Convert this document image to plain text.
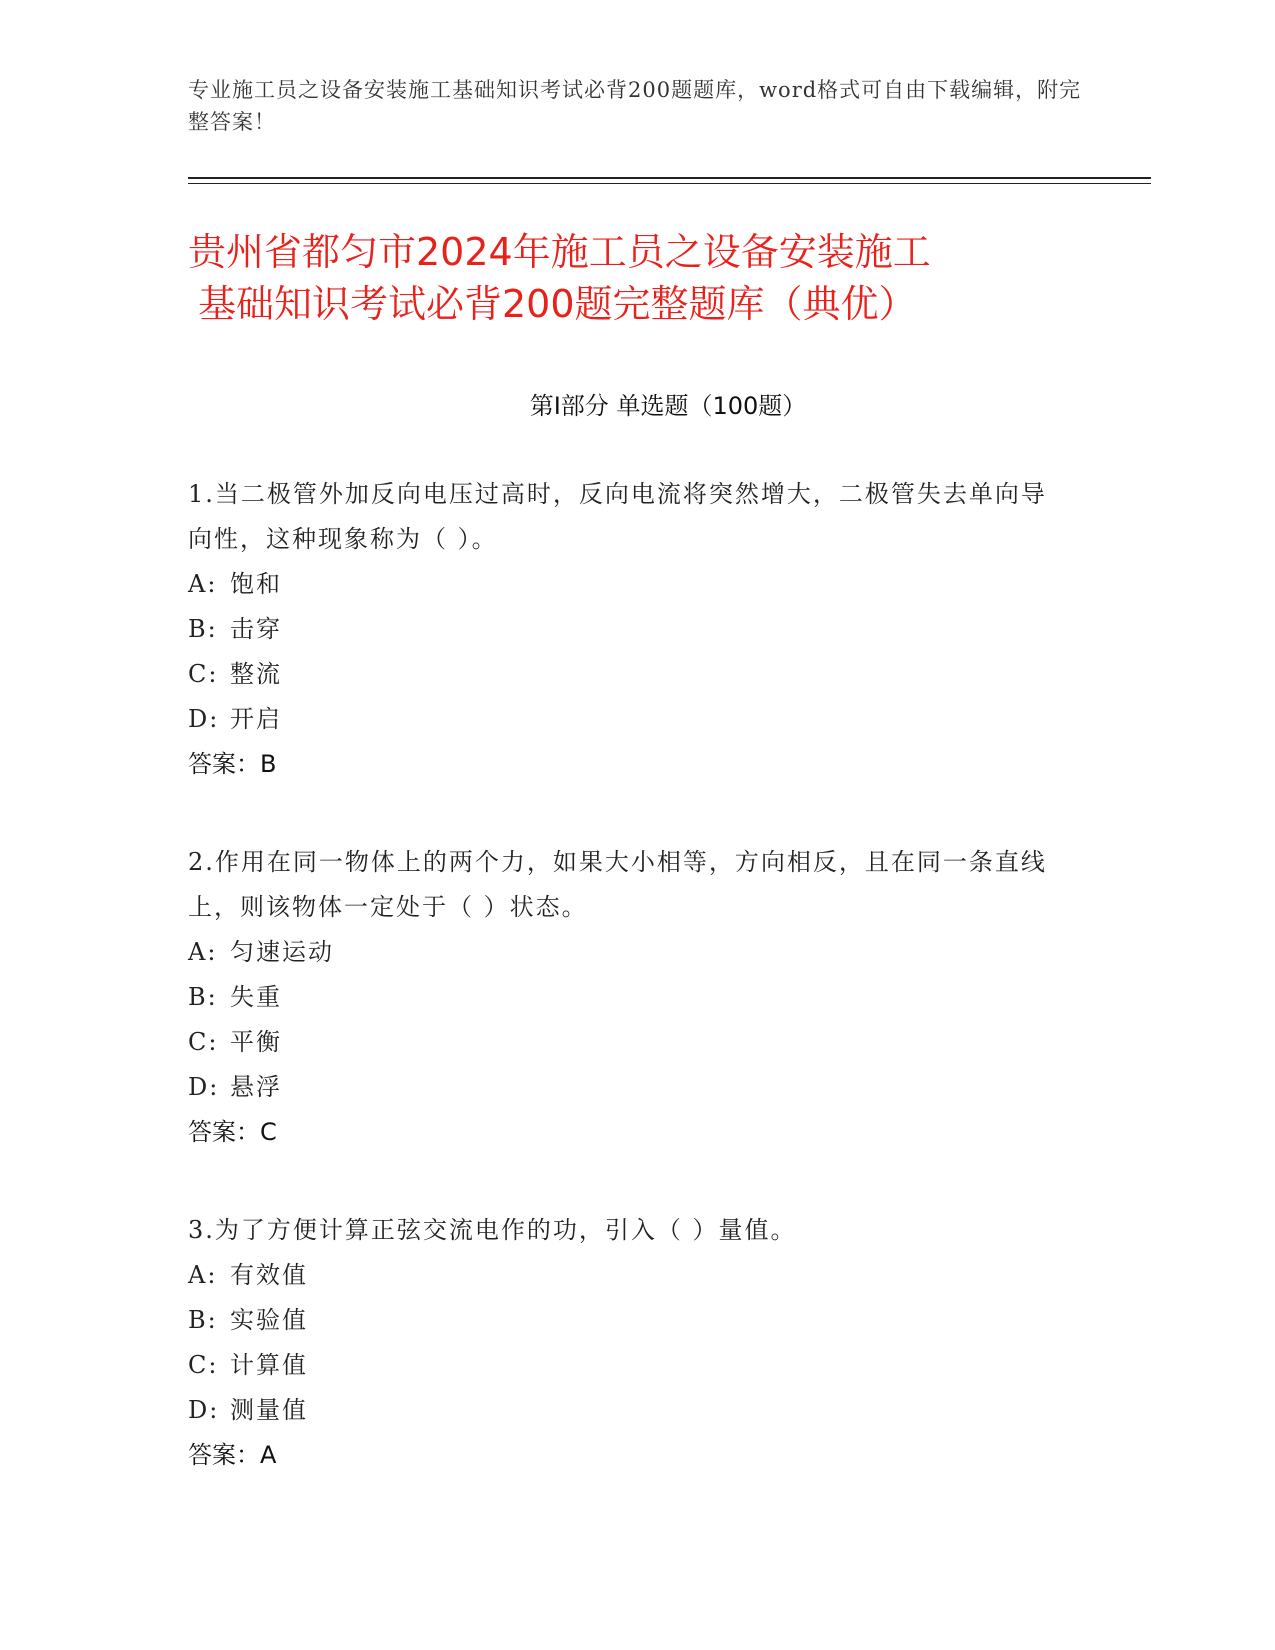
专业施工员之设备安装施工基础知识考试必背200题题库，word格式可自由下载编辑，附完整答案！
贵州省都匀市2024年施工员之设备安装施工
基础知识考试必背200题完整题库（典优）
第Ⅰ部分 单选题（100题）
1.当二极管外加反向电压过高时，反向电流将突然增大，二极管失去单向导向性，这种现象称为（ ）。
A: 饱和
B: 击穿
C: 整流
D: 开启
答案：B
2.作用在同一物体上的两个力，如果大小相等，方向相反，且在同一条直线上，则该物体一定处于（ ）状态。
A: 匀速运动
B: 失重
C: 平衡
D: 悬浮
答案：C
3.为了方便计算正弦交流电作的功，引入（ ）量值。
A: 有效值
B: 实验值
C: 计算值
D: 测量值
答案：A
